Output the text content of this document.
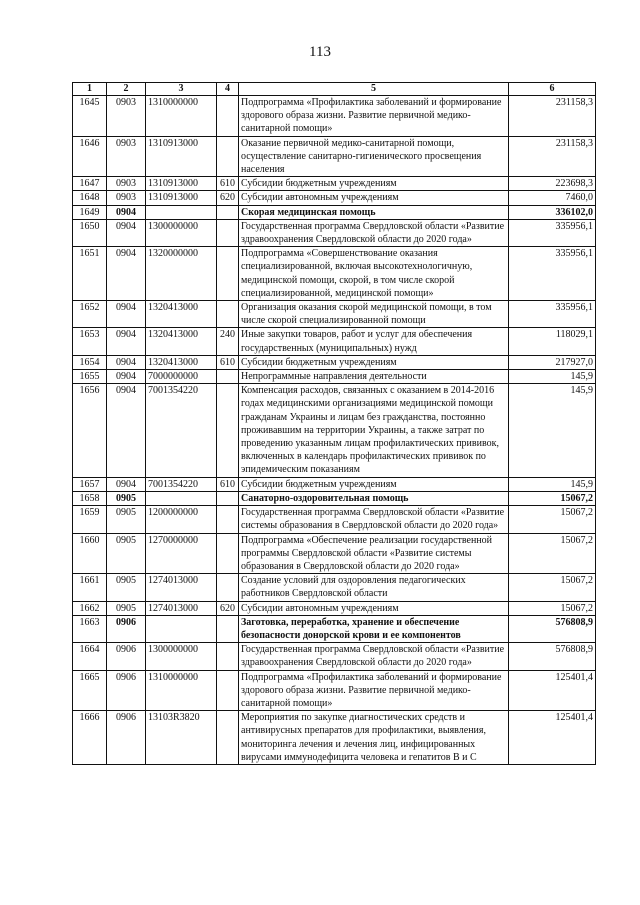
113
1	2	3	4	5	6
1645	0903	1310000000		Подпрограмма «Профилактика заболеваний и формирование здорового образа жизни. Развитие первичной медико-санитарной помощи»	231158,3
1646	0903	1310913000		Оказание первичной медико-санитарной помощи, осуществление санитарно-гигиенического просвещения населения	231158,3
1647	0903	1310913000	610	Субсидии бюджетным учреждениям	223698,3
1648	0903	1310913000	620	Субсидии автономным учреждениям	7460,0
1649	0904			Скорая медицинская помощь	336102,0
1650	0904	1300000000		Государственная программа Свердловской области «Развитие здравоохранения Свердловской области до 2020 года»	335956,1
1651	0904	1320000000		Подпрограмма «Совершенствование оказания специализированной, включая высокотехнологичную, медицинской помощи, скорой, в том числе скорой специализированной, медицинской помощи»	335956,1
1652	0904	1320413000		Организация оказания скорой медицинской помощи, в том числе скорой специализированной помощи	335956,1
1653	0904	1320413000	240	Иные закупки товаров, работ и услуг для обеспечения государственных (муниципальных) нужд	118029,1
1654	0904	1320413000	610	Субсидии бюджетным учреждениям	217927,0
1655	0904	7000000000		Непрограммные направления деятельности	145,9
1656	0904	7001354220		Компенсация расходов, связанных с оказанием в 2014-2016 годах медицинскими организациями медицинской помощи гражданам Украины и лицам без гражданства, постоянно проживавшим на территории Украины, а также затрат по проведению указанным лицам профилактических прививок, включенных в календарь профилактических прививок по эпидемическим показаниям	145,9
1657	0904	7001354220	610	Субсидии бюджетным учреждениям	145,9
1658	0905			Санаторно-оздоровительная помощь	15067,2
1659	0905	1200000000		Государственная программа Свердловской области «Развитие системы образования в Свердловской области до 2020 года»	15067,2
1660	0905	1270000000		Подпрограмма «Обеспечение реализации государственной программы Свердловской области «Развитие системы образования в Свердловской области до 2020 года»	15067,2
1661	0905	1274013000		Создание условий для оздоровления педагогических работников Свердловской области	15067,2
1662	0905	1274013000	620	Субсидии автономным учреждениям	15067,2
1663	0906			Заготовка, переработка, хранение и обеспечение безопасности донорской крови и ее компонентов	576808,9
1664	0906	1300000000		Государственная программа Свердловской области «Развитие здравоохранения Свердловской области до 2020 года»	576808,9
1665	0906	1310000000		Подпрограмма «Профилактика заболеваний и формирование здорового образа жизни. Развитие первичной медико-санитарной помощи»	125401,4
1666	0906	13103R3820		Мероприятия по закупке диагностических средств и антивирусных препаратов для профилактики, выявления, мониторинга лечения и лечения лиц, инфицированных вирусами иммунодефицита человека и гепатитов В и С	125401,4
